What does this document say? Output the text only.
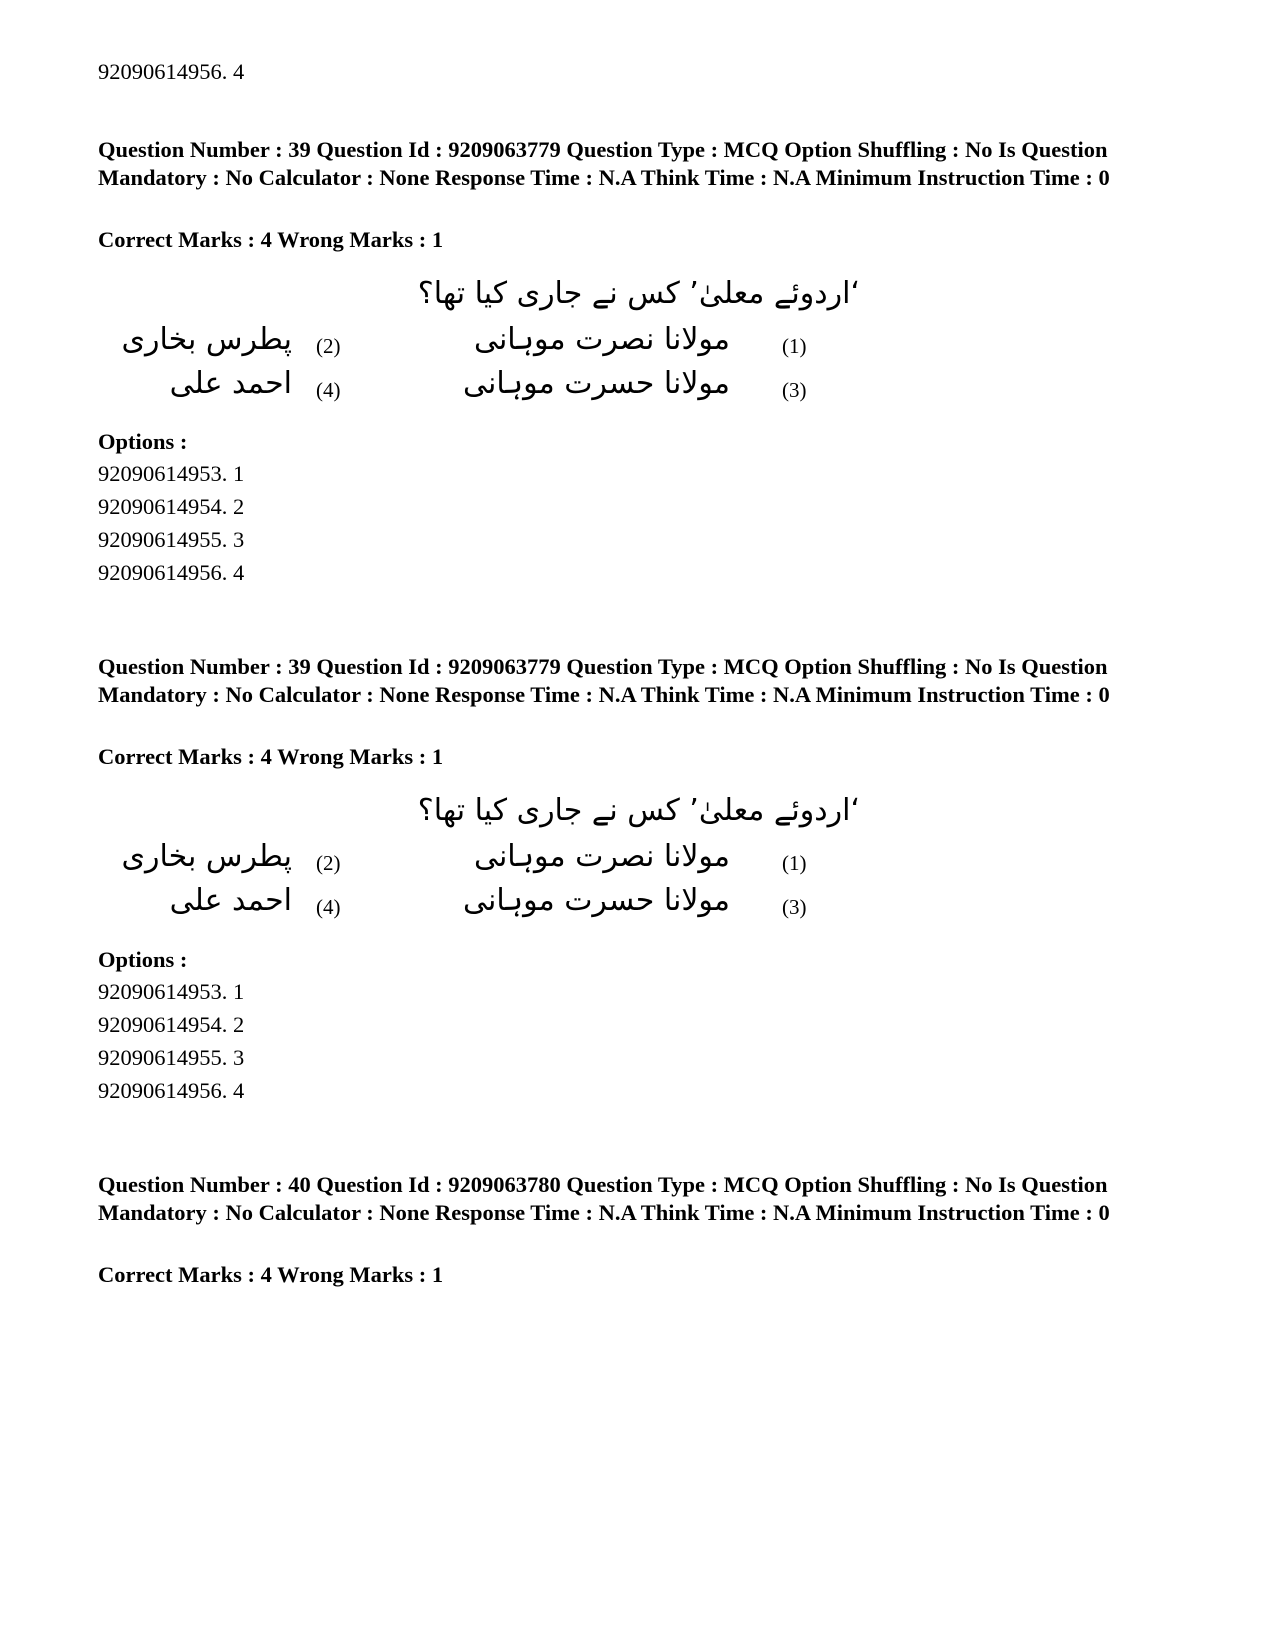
92090614956. 4
Question Number : 39 Question Id : 9209063779 Question Type : MCQ Option Shuffling : No Is Question Mandatory : No Calculator : None Response Time : N.A Think Time : N.A Minimum Instruction Time : 0
Correct Marks : 4 Wrong Marks : 1
‘اردوئے معلیٰ’ کس نے جاری کیا تھا؟
(1)
مولانا نصرت موہانی
(2)
پطرس بخاری
(3)
مولانا حسرت موہانی
(4)
احمد علی
Options :
92090614953. 1
92090614954. 2
92090614955. 3
92090614956. 4
Question Number : 39 Question Id : 9209063779 Question Type : MCQ Option Shuffling : No Is Question Mandatory : No Calculator : None Response Time : N.A Think Time : N.A Minimum Instruction Time : 0
Correct Marks : 4 Wrong Marks : 1
‘اردوئے معلیٰ’ کس نے جاری کیا تھا؟
(1)
مولانا نصرت موہانی
(2)
پطرس بخاری
(3)
مولانا حسرت موہانی
(4)
احمد علی
Options :
92090614953. 1
92090614954. 2
92090614955. 3
92090614956. 4
Question Number : 40 Question Id : 9209063780 Question Type : MCQ Option Shuffling : No Is Question Mandatory : No Calculator : None Response Time : N.A Think Time : N.A Minimum Instruction Time : 0
Correct Marks : 4 Wrong Marks : 1
